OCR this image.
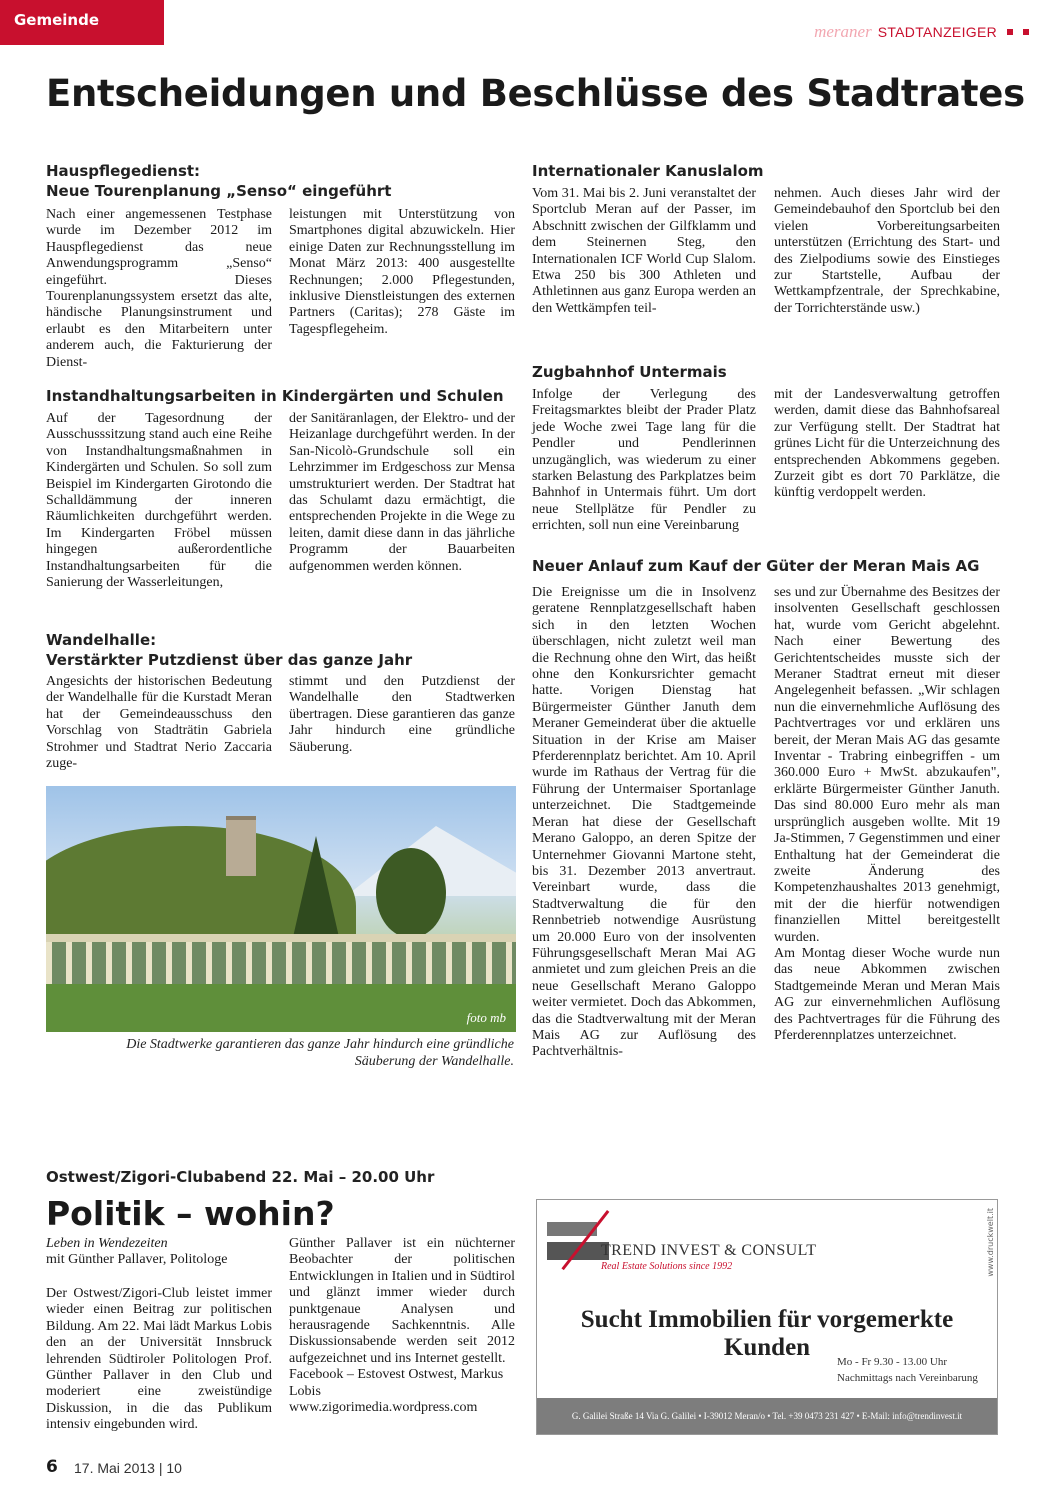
Gemeinde
meraner STADTANZEIGER
Entscheidungen und Beschlüsse des Stadtrates
Hauspflegedienst:
Neue Tourenplanung „Senso“ eingeführt
Nach einer angemessenen Testphase wurde im Dezember 2012 im Hauspflegedienst das neue Anwendungsprogramm „Senso“ eingeführt. Dieses Tourenplanungssystem ersetzt das alte, händische Planungsinstrument und erlaubt es den Mitarbeitern unter anderem auch, die Fakturierung der Dienst-
leistungen mit Unterstützung von Smartphones digital abzuwickeln. Hier einige Daten zur Rechnungsstellung im Monat März 2013: 400 ausgestellte Rechnungen; 2.000 Pflegestunden, inklusive Dienstleistungen des externen Partners (Caritas); 278 Gäste im Tagespflegeheim.
Instandhaltungsarbeiten in Kindergärten und Schulen
Auf der Tagesordnung der Ausschusssitzung stand auch eine Reihe von Instandhaltungsmaßnahmen in Kindergärten und Schulen. So soll zum Beispiel im Kindergarten Girotondo die Schalldämmung der inneren Räumlichkeiten durchgeführt werden. Im Kindergarten Fröbel müssen hingegen außerordentliche Instandhaltungsarbeiten für die Sanierung der Wasserleitungen,
der Sanitäranlagen, der Elektro- und der Heizanlage durchgeführt werden. In der San-Nicolò-Grundschule soll ein Lehrzimmer im Erdgeschoss zur Mensa umstrukturiert werden. Der Stadtrat hat das Schulamt dazu ermächtigt, die entsprechenden Projekte in die Wege zu leiten, damit diese dann in das jährliche Programm der Bauarbeiten aufgenommen werden können.
Wandelhalle:
Verstärkter Putzdienst über das ganze Jahr
Angesichts der historischen Bedeutung der Wandelhalle für die Kurstadt Meran hat der Gemeindeausschuss den Vorschlag von Stadträtin Gabriela Strohmer und Stadtrat Nerio Zaccaria zuge-
stimmt und den Putzdienst der Wandelhalle den Stadtwerken übertragen. Diese garantieren das ganze Jahr hindurch eine gründliche Säuberung.
foto mb
Die Stadtwerke garantieren das ganze Jahr hindurch eine gründliche Säuberung der Wandelhalle.
Internationaler Kanuslalom
Vom 31. Mai bis 2. Juni veranstaltet der Sportclub Meran auf der Passer, im Abschnitt zwischen der Gilfklamm und dem Steinernen Steg, den Internationalen ICF World Cup Slalom. Etwa 250 bis 300 Athleten und Athletinnen aus ganz Europa werden an den Wettkämpfen teil-
nehmen. Auch dieses Jahr wird der Gemeindebauhof den Sportclub bei den vielen Vorbereitungsarbeiten unterstützen (Errichtung des Start- und des Zielpodiums sowie des Einstieges zur Startstelle, Aufbau der Wettkampfzentrale, der Sprechkabine, der Torrichterstände usw.)
Zugbahnhof Untermais
Infolge der Verlegung des Freitagsmarktes bleibt der Prader Platz jede Woche zwei Tage lang für die Pendler und Pendlerinnen unzugänglich, was wiederum zu einer starken Belastung des Parkplatzes beim Bahnhof in Untermais führt. Um dort neue Stellplätze für Pendler zu errichten, soll nun eine Vereinbarung
mit der Landesverwaltung getroffen werden, damit diese das Bahnhofsareal zur Verfügung stellt. Der Stadtrat hat grünes Licht für die Unterzeichnung des entsprechenden Abkommens gegeben. Zurzeit gibt es dort 70 Parklätze, die künftig verdoppelt werden.
Neuer Anlauf zum Kauf der Güter der Meran Mais AG
Die Ereignisse um die in Insolvenz geratene Rennplatzgesellschaft haben sich in den letzten Wochen überschlagen, nicht zuletzt weil man die Rechnung ohne den Wirt, das heißt ohne den Konkursrichter gemacht hatte. Vorigen Dienstag hat Bürgermeister Günther Januth dem Meraner Gemeinderat über die aktuelle Situation in der Krise am Maiser Pferderennplatz berichtet. Am 10. April wurde im Rathaus der Vertrag für die Führung der Untermaiser Sportanlage unterzeichnet. Die Stadtgemeinde Meran hat diese der Gesellschaft Merano Galoppo, an deren Spitze der Unternehmer Giovanni Martone steht, bis 31. Dezember 2013 anvertraut. Vereinbart wurde, dass die Stadtverwaltung die für den Rennbetrieb notwendige Ausrüstung um 20.000 Euro von der insolventen Führungsgesellschaft Meran Mai AG anmietet und zum gleichen Preis an die neue Gesellschaft Merano Galoppo weiter vermietet. Doch das Abkommen, das die Stadtverwaltung mit der Meran Mais AG zur Auflösung des Pachtverhältnis-
ses und zur Übernahme des Besitzes der insolventen Gesellschaft geschlossen hat, wurde vom Gericht abgelehnt. Nach einer Bewertung des Gerichtentscheides musste sich der Meraner Stadtrat erneut mit dieser Angelegenheit befassen. „Wir schlagen nun die einvernehmliche Auflösung des Pachtvertrages vor und erklären uns bereit, der Meran Mais AG das gesamte Inventar - Trabring einbegriffen - um 360.000 Euro + MwSt. abzukaufen", erklärte Bürgermeister Günther Januth. Das sind 80.000 Euro mehr als man ursprünglich ausgeben wollte. Mit 19 Ja-Stimmen, 7 Gegenstimmen und einer Enthaltung hat der Gemeinderat die zweite Änderung des Kompetenzhaushaltes 2013 genehmigt, mit der die hierfür notwendigen finanziellen Mittel bereitgestellt wurden.
Am Montag dieser Woche wurde nun das neue Abkommen zwischen Stadtgemeinde Meran und Meran Mais AG zur einvernehmlichen Auflösung des Pachtvertrages für die Führung des Pferderennplatzes unterzeichnet.
Ostwest/Zigori-Clubabend 22. Mai – 20.00 Uhr
Politik – wohin?
Leben in Wendezeiten
mit Günther Pallaver, Politologe
Der Ostwest/Zigori-Club leistet immer wieder einen Beitrag zur politischen Bildung. Am 22. Mai lädt Markus Lobis den an der Universität Innsbruck lehrenden Südtiroler Politologen Prof. Günther Pallaver in den Club und moderiert eine zweistündige Diskussion, in die das Publikum intensiv eingebunden wird.
Günther Pallaver ist ein nüchterner Beobachter der politischen Entwicklungen in Italien und in Südtirol und glänzt immer wieder durch punktgenaue Analysen und herausragende Sachkenntnis. Alle Diskussionsabende werden seit 2012 aufgezeichnet und ins Internet gestellt.
Facebook – Estovest Ostwest, Markus Lobis
www.zigorimedia.wordpress.com
TREND INVEST & CONSULT
Real Estate Solutions since 1992	www.druckwelt.it
Sucht Immobilien für vorgemerkte Kunden
Mo - Fr 9.30 - 13.00 Uhr
Nachmittags nach Vereinbarung
G. Galilei Straße 14 Via G. Galilei • I-39012 Meran/o • Tel. +39 0473 231 427 • E-Mail: info@trendinvest.it
6 17. Mai 2013 | 10
